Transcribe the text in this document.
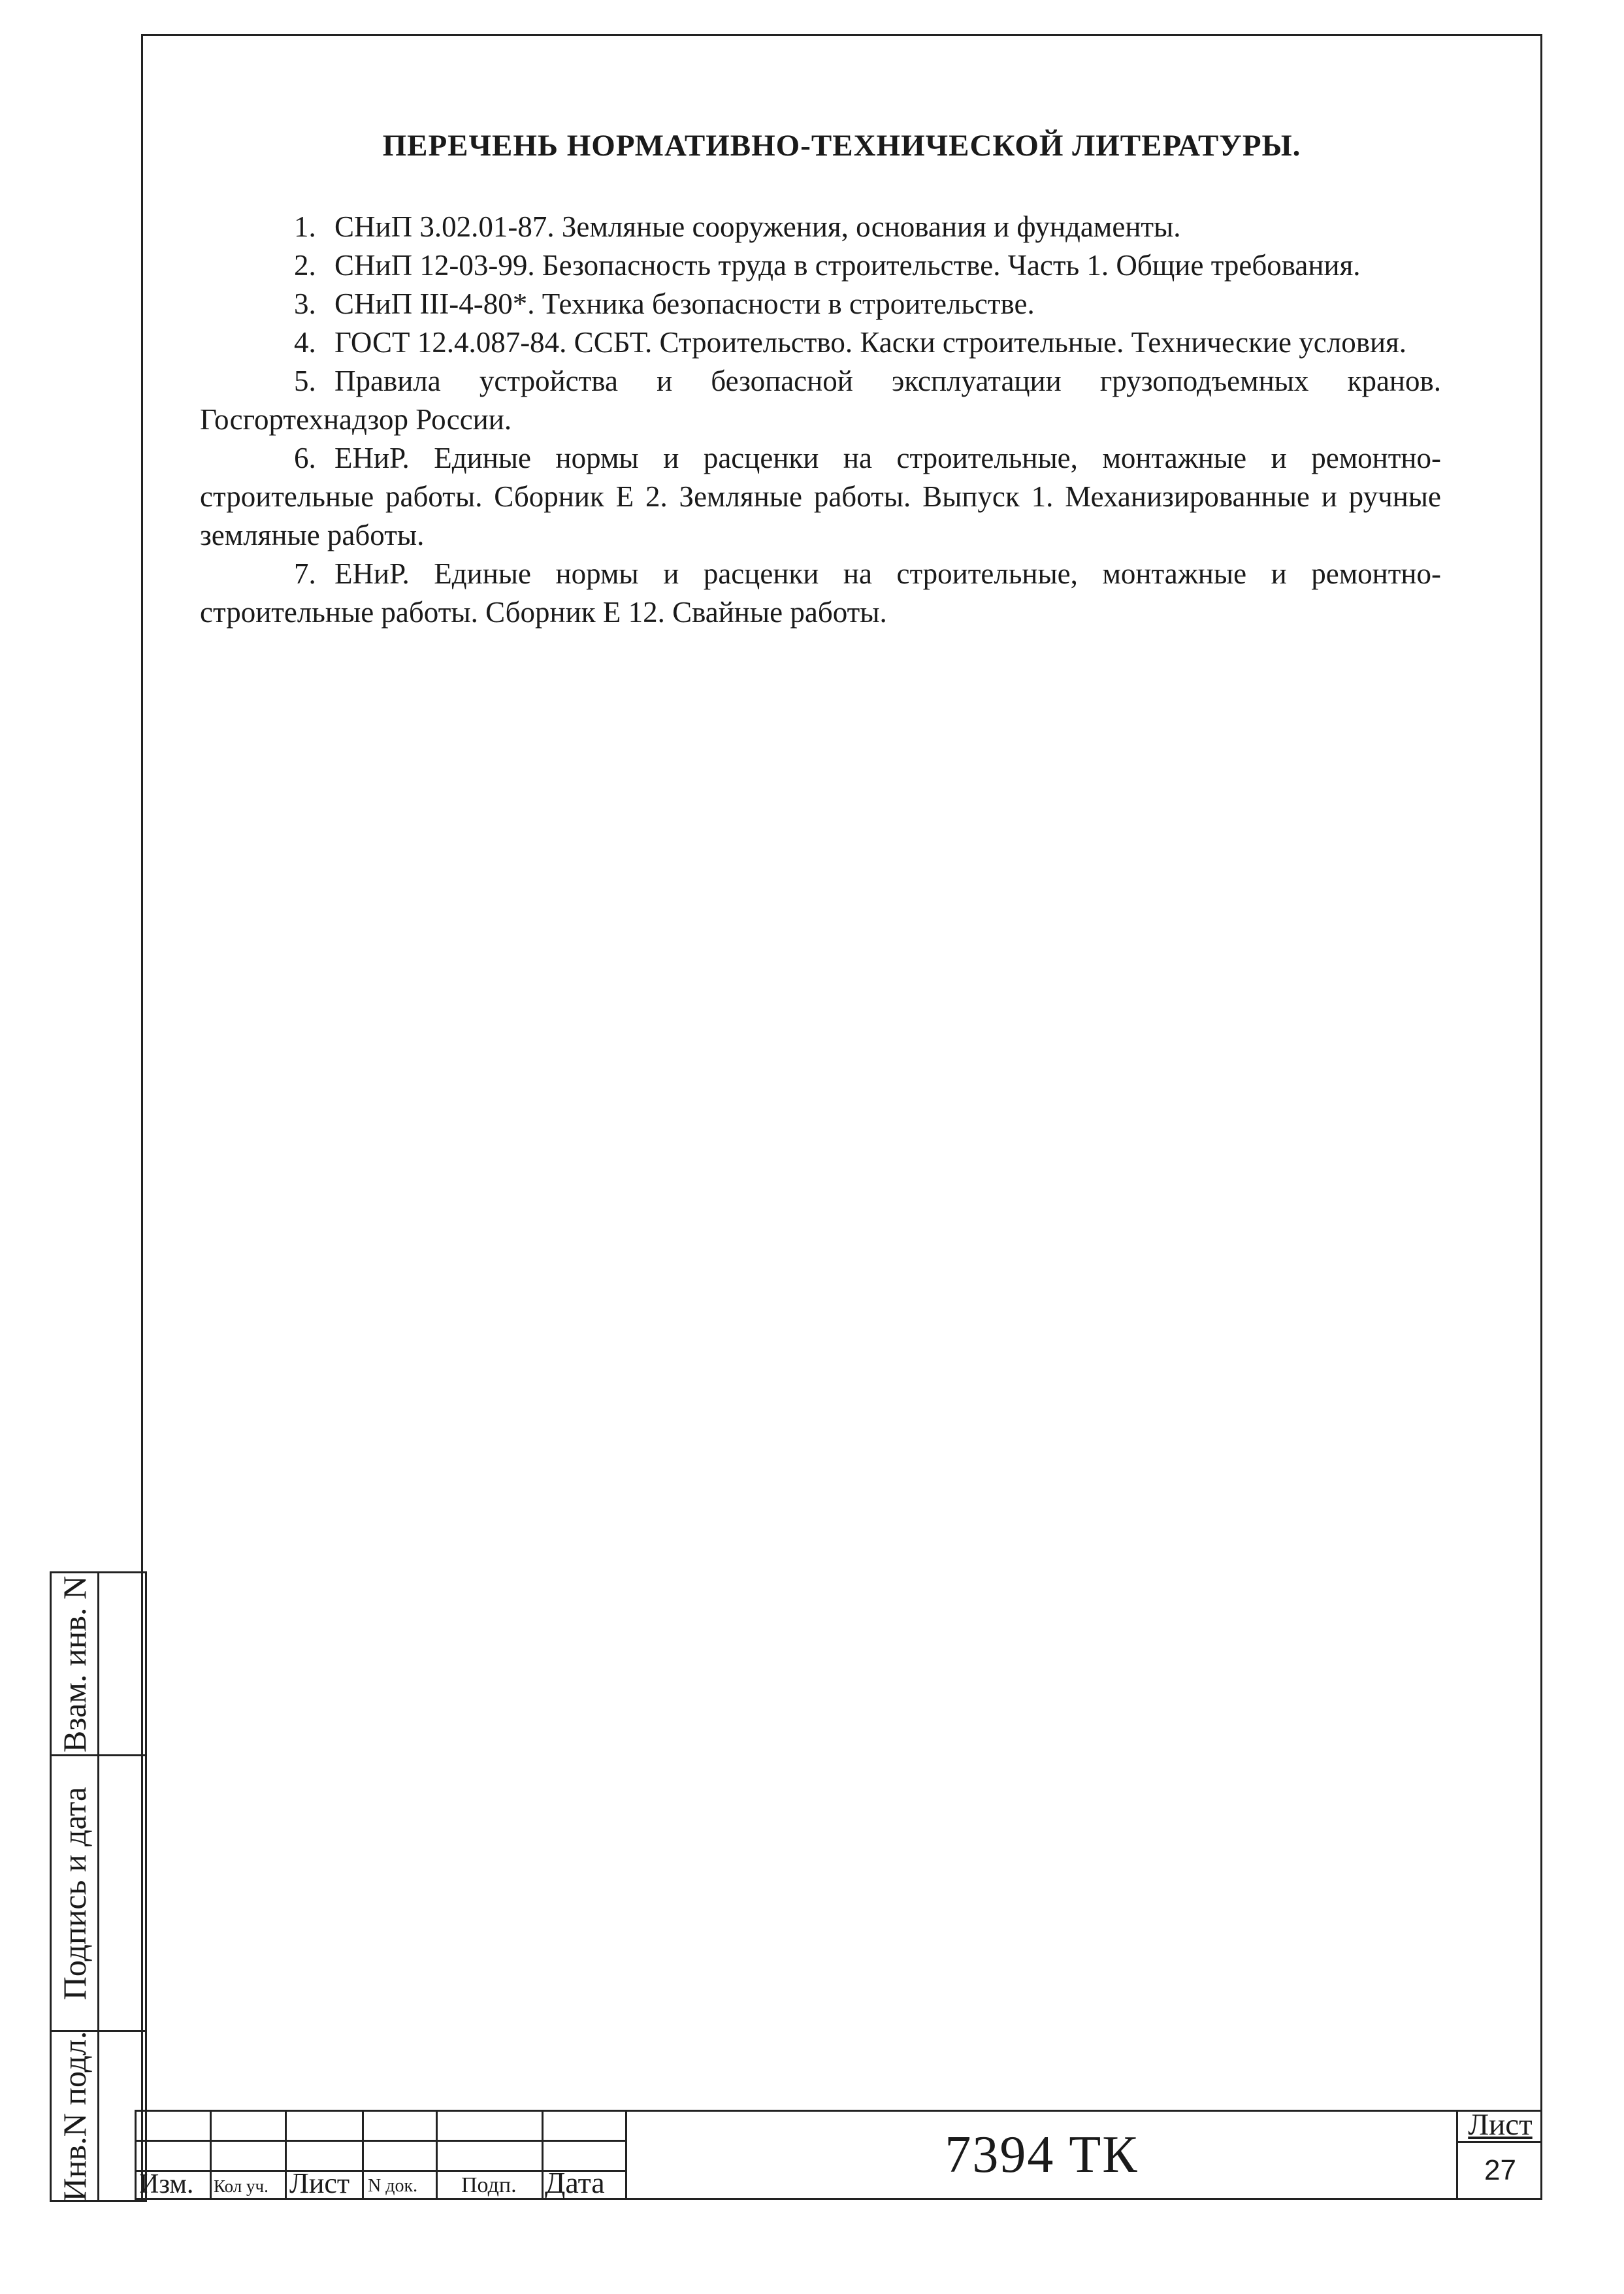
ПЕРЕЧЕНЬ НОРМАТИВНО-ТЕХНИЧЕСКОЙ ЛИТЕРАТУРЫ.
1. СНиП 3.02.01-87. Земляные сооружения, основания и фундаменты.
2. СНиП 12-03-99. Безопасность труда в строительстве. Часть 1. Общие требования.
3. СНиП III-4-80*. Техника безопасности в строительстве.
4. ГОСТ 12.4.087-84. ССБТ. Строительство. Каски строительные. Технические условия.
5. Правила устройства и безопасной эксплуатации грузоподъемных кранов. Госгортехнадзор России.
6. ЕНиР. Единые нормы и расценки на строительные, монтажные и ремонтно-строительные работы. Сборник Е 2. Земляные работы. Выпуск 1. Механизированные и ручные земляные работы.
7. ЕНиР. Единые нормы и расценки на строительные, монтажные и ремонтно-строительные работы. Сборник Е 12. Свайные работы.
Взам. инв. N	

Подпись и дата	

Инв.N подл.	
	Изм. Кол уч. Лист N док. Подп. Дата	7394 ТК
Лист
27
